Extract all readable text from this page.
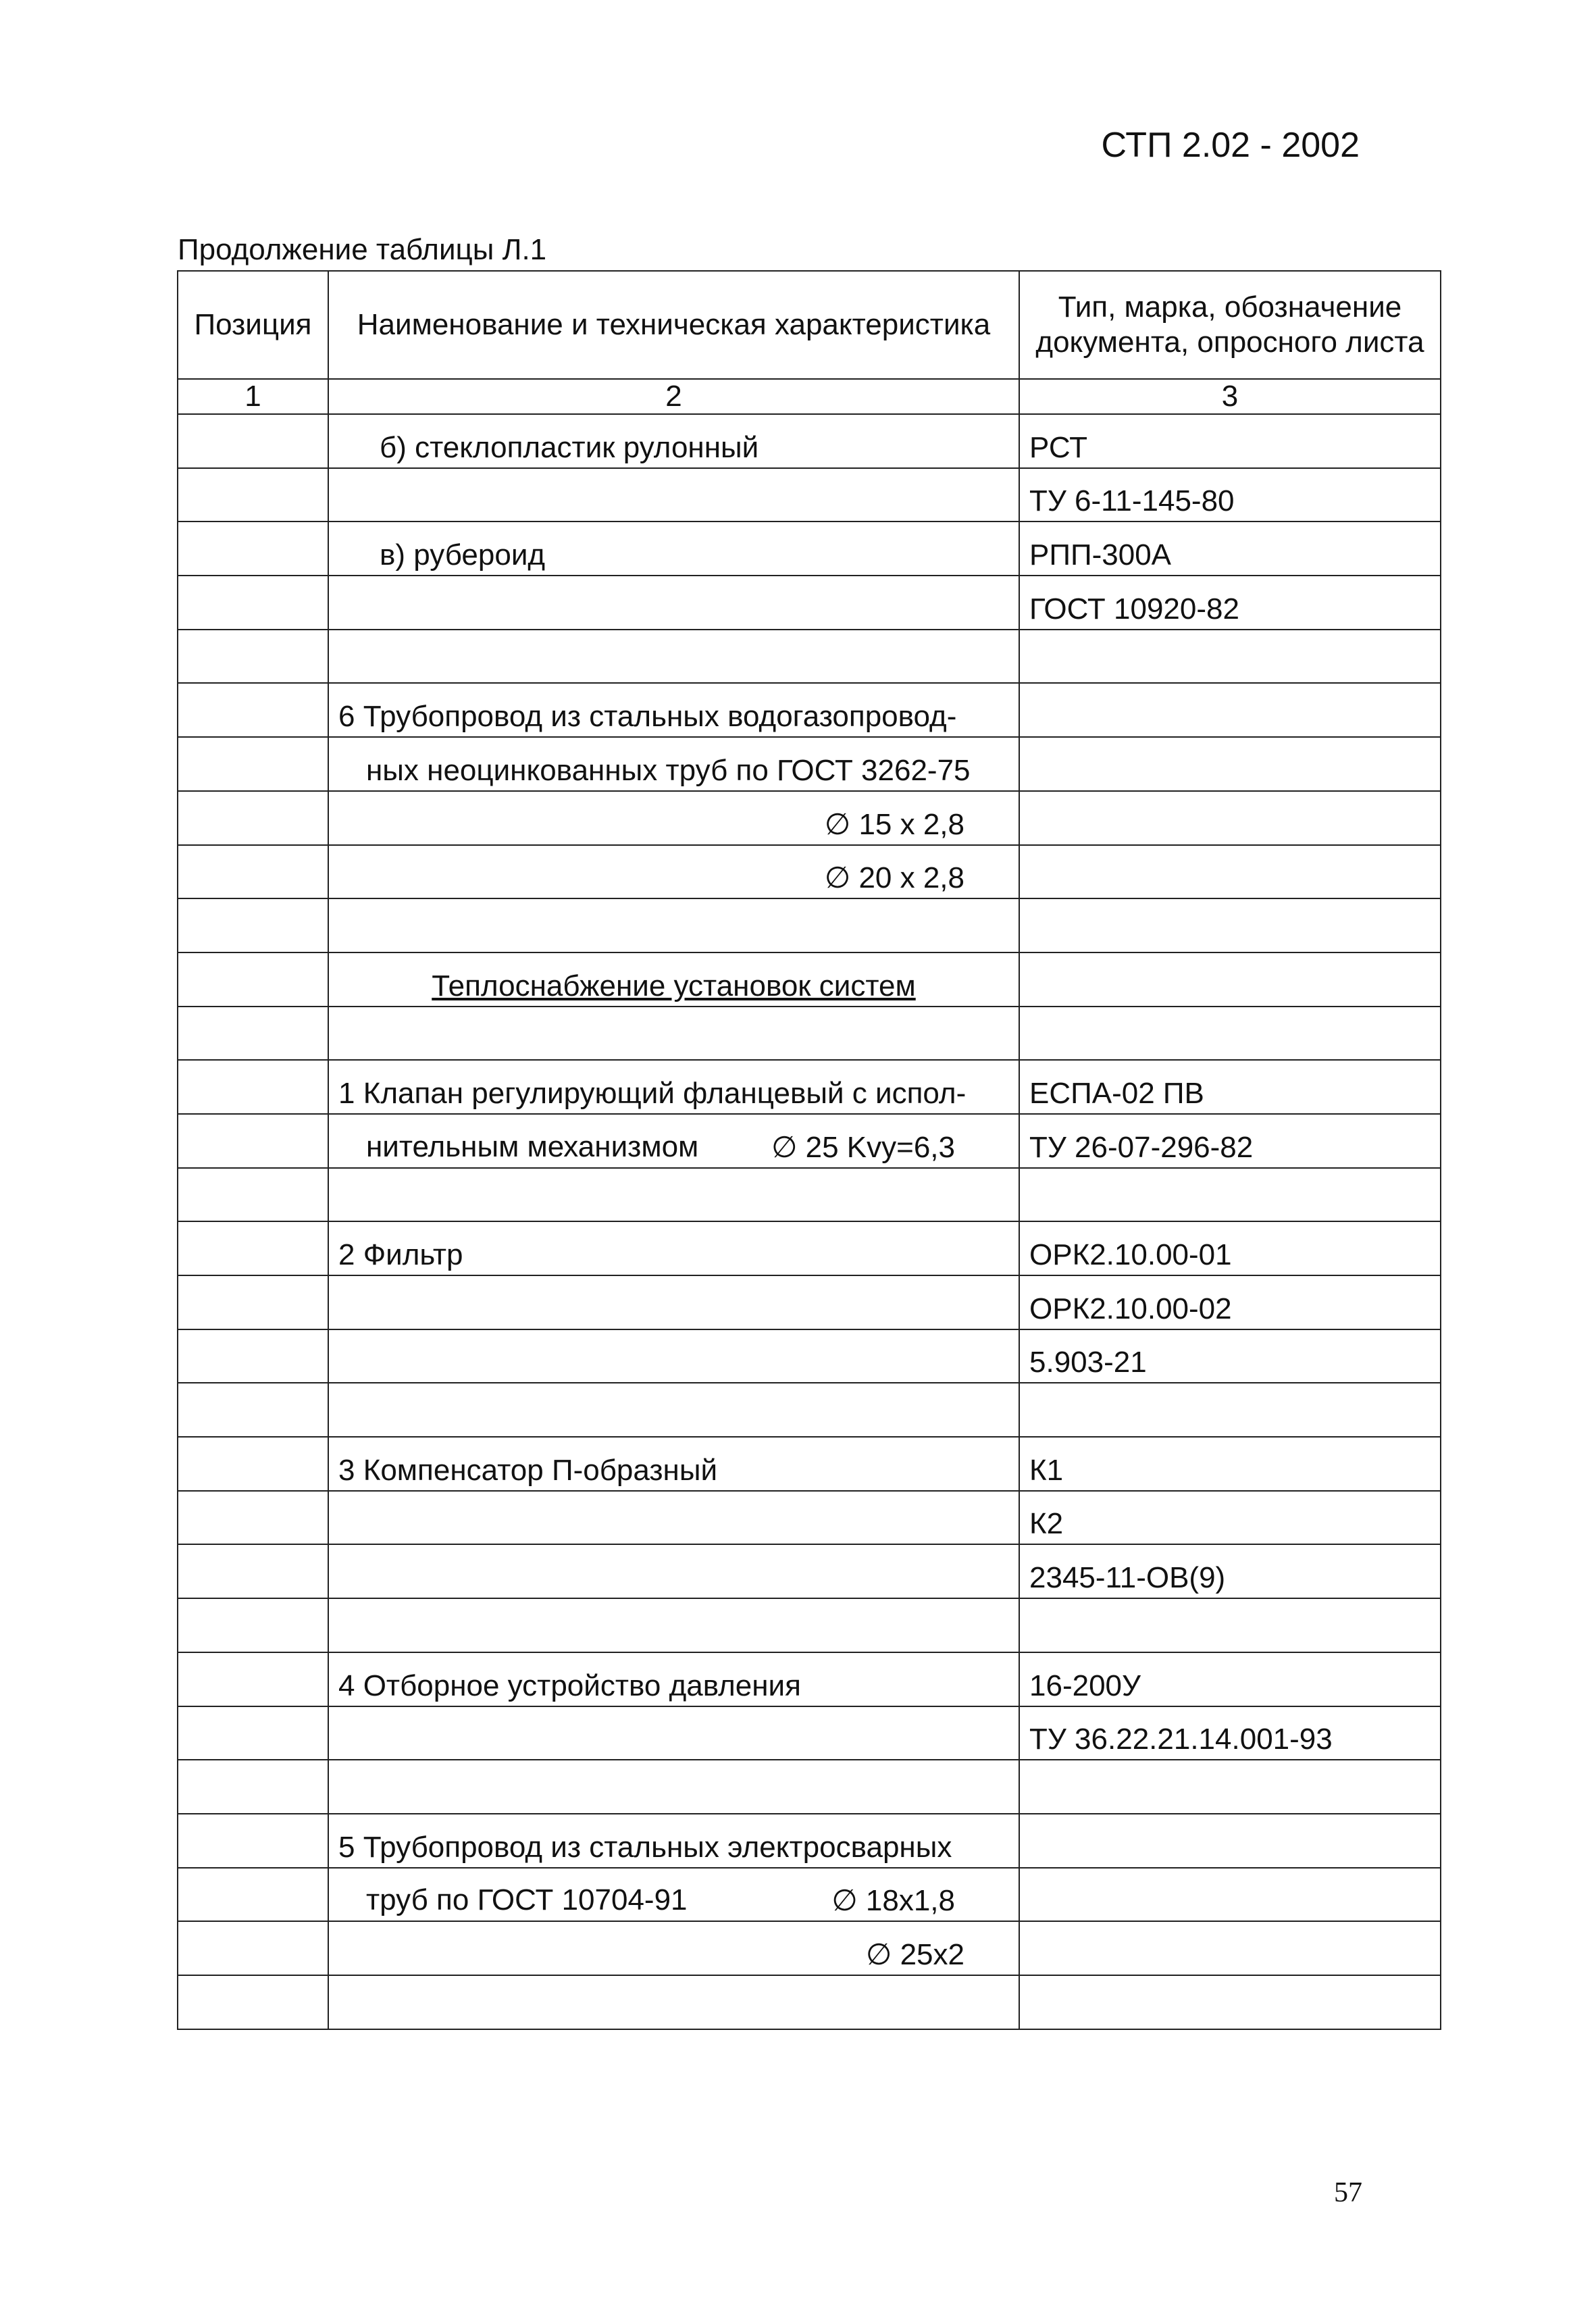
СТП 2.02 - 2002
Продолжение таблицы Л.1
Позиция	Наименование и техническая характеристика	Тип, марка, обозначение документа, опросного листа
1	2	3
	б) стеклопластик рулонный	РСТ
		ТУ 6-11-145-80
	в) рубероид	РПП-300А
		ГОСТ 10920-82

	6 Трубопровод из стальных водогазопровод-	
	ных неоцинкованных труб по ГОСТ 3262-75	
	∅ 15 х 2,8	
	∅ 20 х 2,8	

	Теплоснабжение установок систем	

	1 Клапан регулирующий фланцевый с испол-	ЕСПА-02 ПВ

	нительным механизмом ∅ 25 Kvy=6,3	ТУ 26-07-296-82

	2 Фильтр	ОРК2.10.00-01
		ОРК2.10.00-02
		5.903-21

	3 Компенсатор П-образный	К1
		К2
		2345-11-ОВ(9)

	4 Отборное устройство давления	16-200У
		ТУ 36.22.21.14.001-93

	5 Трубопровод из стальных электросварных	

	труб по ГОСТ 10704-91 ∅ 18х1,8	

	∅ 25х2	

57
